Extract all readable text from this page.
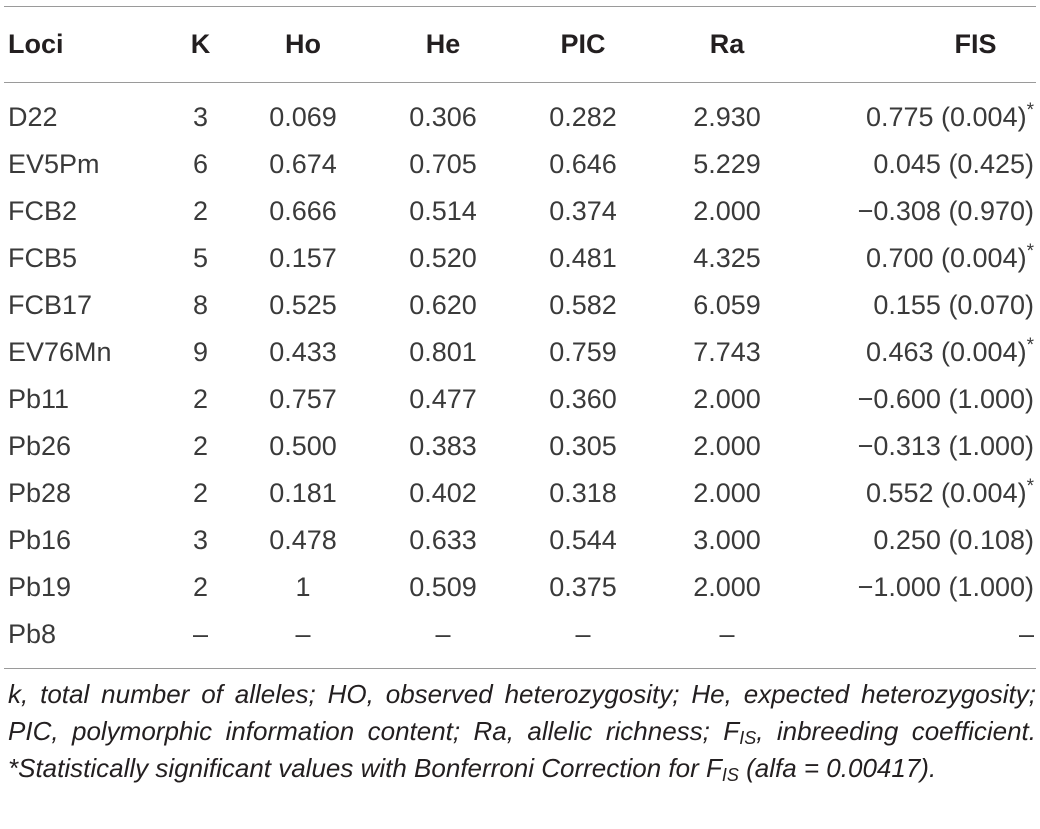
Loci	K	Ho	He	PIC	Ra	FIS
D22	3	0.069	0.306	0.282	2.930	0.775 (0.004)*
EV5Pm	6	0.674	0.705	0.646	5.229	0.045 (0.425)
FCB2	2	0.666	0.514	0.374	2.000	−0.308 (0.970)
FCB5	5	0.157	0.520	0.481	4.325	0.700 (0.004)*
FCB17	8	0.525	0.620	0.582	6.059	0.155 (0.070)
EV76Mn	9	0.433	0.801	0.759	7.743	0.463 (0.004)*
Pb11	2	0.757	0.477	0.360	2.000	−0.600 (1.000)
Pb26	2	0.500	0.383	0.305	2.000	−0.313 (1.000)
Pb28	2	0.181	0.402	0.318	2.000	0.552 (0.004)*
Pb16	3	0.478	0.633	0.544	3.000	0.250 (0.108)
Pb19	2	1	0.509	0.375	2.000	−1.000 (1.000)
Pb8	–	–	–	–	–	–
k, total number of alleles; HO, observed heterozygosity; He, expected heterozygosity; PIC, polymorphic information content; Ra, allelic richness; $F_{IS}$, inbreeding coefficient. *Statistically significant values with Bonferroni Correction for $F_{IS}$ (alfa = 0.00417).
